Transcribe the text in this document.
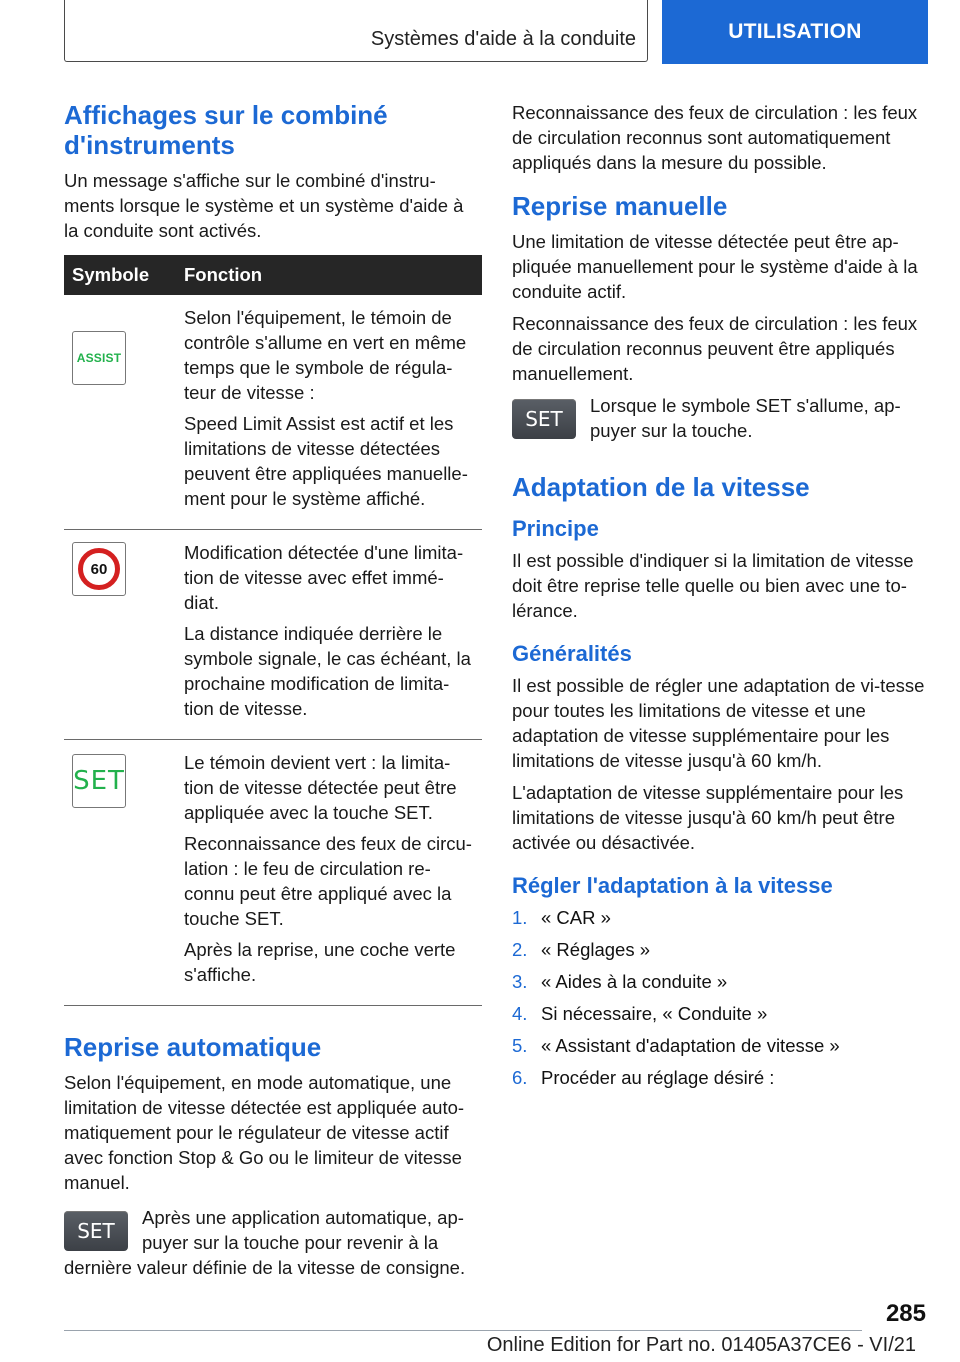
Systèmes d'aide à la conduite	UTILISATION
Affichages sur le combiné d'instruments

Un message s'affiche sur le combiné d'instru-ments lorsque le système et un système d'aide à la conduite sont activés.

Symbole	Fonction

ASSIST	Selon l'équipement, le témoin de contrôle s'allume en vert en même temps que le symbole de régula-teur de vitesse :

Speed Limit Assist est actif et les limitations de vitesse détectées peuvent être appliquées manuelle-ment pour le système affiché.

60	Modification détectée d'une limita-tion de vitesse avec effet immé-diat.

La distance indiquée derrière le symbole signale, le cas échéant, la prochaine modification de limita-tion de vitesse.

SET	Le témoin devient vert : la limita-tion de vitesse détectée peut être appliquée avec la touche SET.

Reconnaissance des feux de circu-lation : le feu de circulation re-connu peut être appliqué avec la touche SET.

Après la reprise, une coche verte s'affiche.

Reprise automatique

Selon l'équipement, en mode automatique, une limitation de vitesse détectée est appliquée auto-matiquement pour le régulateur de vitesse actif avec fonction Stop & Go ou le limiteur de vitesse manuel.

SET

Après une application automatique, ap-puyer sur la touche pour revenir à la dernière valeur définie de la vitesse de consigne.

Reconnaissance des feux de circulation : les feux de circulation reconnus sont automatiquement appliqués dans la mesure du possible.

Reprise manuelle

Une limitation de vitesse détectée peut être ap-pliquée manuellement pour le système d'aide à la conduite actif.

Reconnaissance des feux de circulation : les feux de circulation reconnus peuvent être appliqués manuellement.

SET

Lorsque le symbole SET s'allume, ap-puyer sur la touche.

Adaptation de la vitesse
Principe

Il est possible d'indiquer si la limitation de vitesse doit être reprise telle quelle ou bien avec une to-lérance.

Généralités

Il est possible de régler une adaptation de vi-tesse pour toutes les limitations de vitesse et une adaptation de vitesse supplémentaire pour les limitations de vitesse jusqu'à 60 km/h.

L'adaptation de vitesse supplémentaire pour les limitations de vitesse jusqu'à 60 km/h peut être activée ou désactivée.

Régler l'adaptation à la vitesse
1. « CAR »
2. « Réglages »
3. « Aides à la conduite »
4. Si nécessaire, « Conduite »
5. « Assistant d'adaptation de vitesse »
6. Procéder au réglage désiré :
285
Online Edition for Part no. 01405A37CE6 - VI/21
